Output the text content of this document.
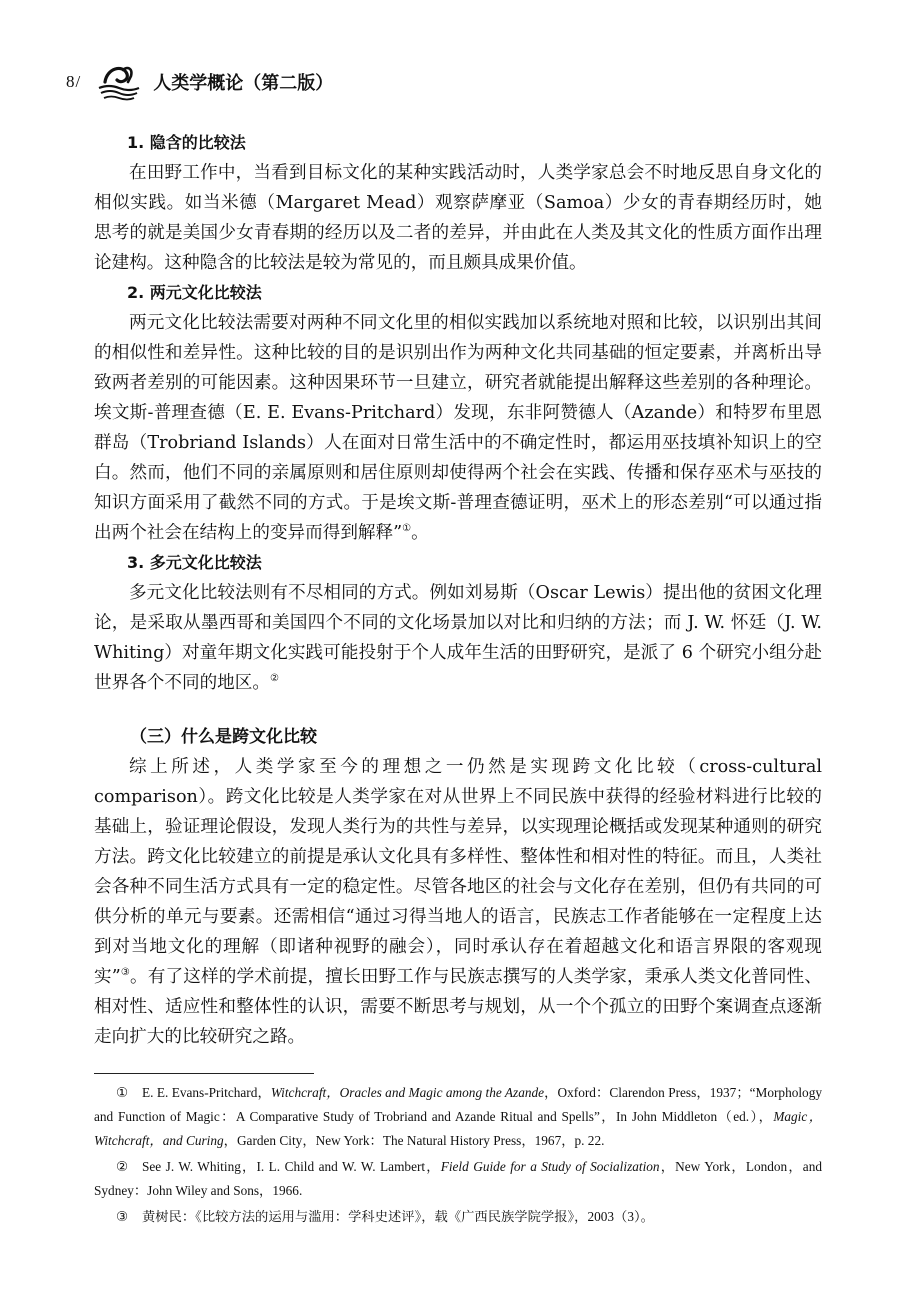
8/	人类学概论（第二版）
1. 隐含的比较法

在田野工作中，当看到目标文化的某种实践活动时，人类学家总会不时地反思自身文化的相似实践。如当米德（Margaret Mead）观察萨摩亚（Samoa）少女的青春期经历时，她思考的就是美国少女青春期的经历以及二者的差异，并由此在人类及其文化的性质方面作出理论建构。这种隐含的比较法是较为常见的，而且颇具成果价值。

2. 两元文化比较法

两元文化比较法需要对两种不同文化里的相似实践加以系统地对照和比较，以识别出其间的相似性和差异性。这种比较的目的是识别出作为两种文化共同基础的恒定要素，并离析出导致两者差别的可能因素。这种因果环节一旦建立，研究者就能提出解释这些差别的各种理论。埃文斯-普理查德（E. E. Evans-Pritchard）发现，东非阿赞德人（Azande）和特罗布里恩群岛（Trobriand Islands）人在面对日常生活中的不确定性时，都运用巫技填补知识上的空白。然而，他们不同的亲属原则和居住原则却使得两个社会在实践、传播和保存巫术与巫技的知识方面采用了截然不同的方式。于是埃文斯-普理查德证明，巫术上的形态差别“可以通过指出两个社会在结构上的变异而得到解释”①。

3. 多元文化比较法

多元文化比较法则有不尽相同的方式。例如刘易斯（Oscar Lewis）提出他的贫困文化理论，是采取从墨西哥和美国四个不同的文化场景加以对比和归纳的方法；而 J. W. 怀廷（J. W. Whiting）对童年期文化实践可能投射于个人成年生活的田野研究，是派了 6 个研究小组分赴世界各个不同的地区。②

（三）什么是跨文化比较

综上所述，人类学家至今的理想之一仍然是实现跨文化比较（cross-cultural comparison）。跨文化比较是人类学家在对从世界上不同民族中获得的经验材料进行比较的基础上，验证理论假设，发现人类行为的共性与差异，以实现理论概括或发现某种通则的研究方法。跨文化比较建立的前提是承认文化具有多样性、整体性和相对性的特征。而且，人类社会各种不同生活方式具有一定的稳定性。尽管各地区的社会与文化存在差别，但仍有共同的可供分析的单元与要素。还需相信“通过习得当地人的语言，民族志工作者能够在一定程度上达到对当地文化的理解（即诸种视野的融会），同时承认存在着超越文化和语言界限的客观现实”③。有了这样的学术前提，擅长田野工作与民族志撰写的人类学家，秉承人类文化普同性、相对性、适应性和整体性的认识，需要不断思考与规划，从一个个孤立的田野个案调查点逐渐走向扩大的比较研究之路。

① E. E. Evans-Pritchard，Witchcraft，Oracles and Magic among the Azande，Oxford：Clarendon Press，1937；“Morphology and Function of Magic：A Comparative Study of Trobriand and Azande Ritual and Spells”，In John Middleton（ed.），Magic，Witchcraft，and Curing，Garden City，New York：The Natural History Press，1967，p. 22.

② See J. W. Whiting，I. L. Child and W. W. Lambert，Field Guide for a Study of Socialization，New York，London，and Sydney：John Wiley and Sons，1966.

③ 黄树民：《比较方法的运用与滥用：学科史述评》，载《广西民族学院学报》，2003（3）。
